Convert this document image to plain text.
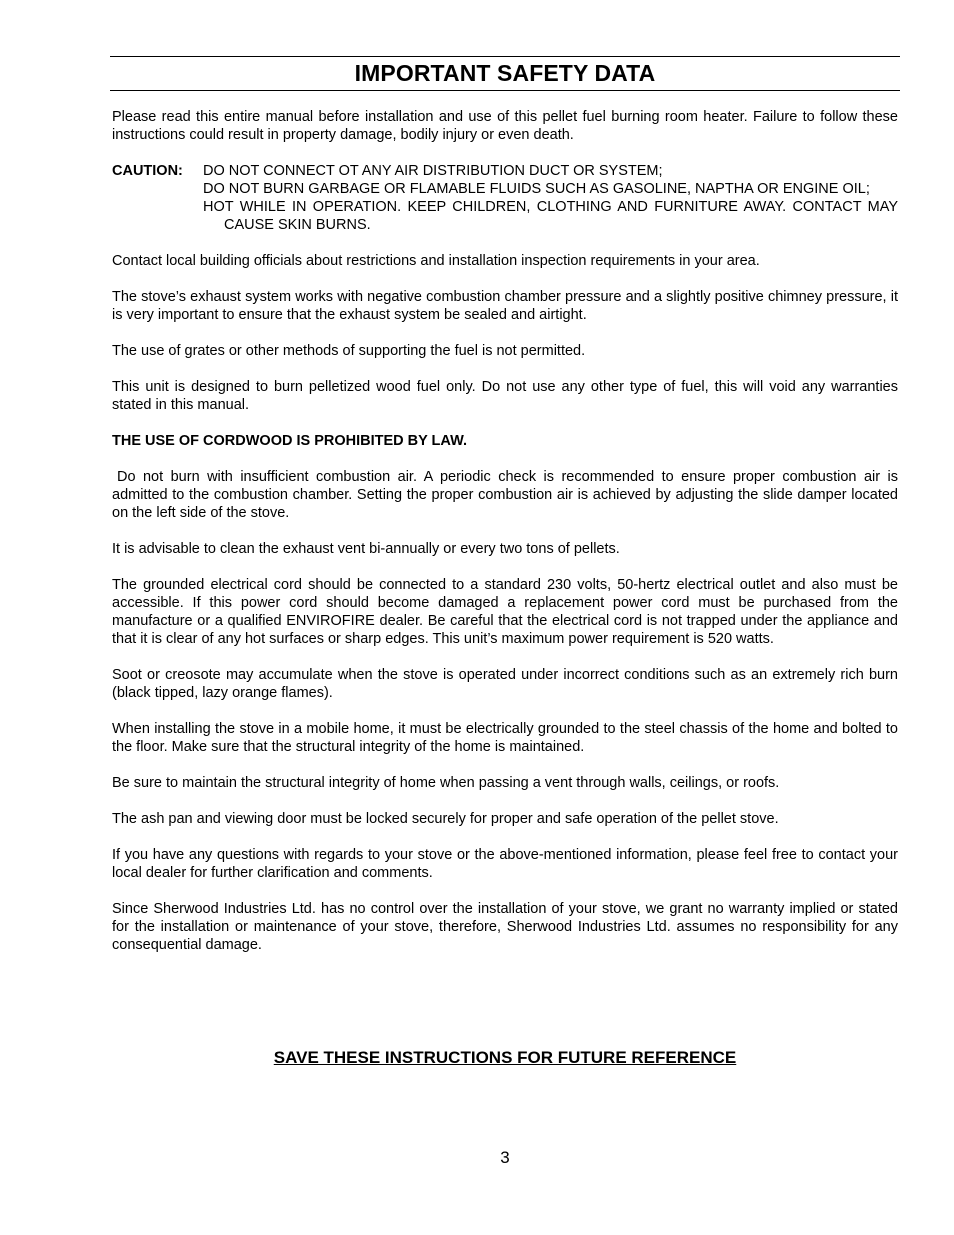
IMPORTANT SAFETY DATA

Please read this entire manual before installation and use of this pellet fuel burning room heater. Failure to follow these instructions could result in property damage, bodily injury or even death.

CAUTION:	DO NOT CONNECT OT ANY AIR DISTRIBUTION DUCT OR SYSTEM;
DO NOT BURN GARBAGE OR FLAMABLE FLUIDS SUCH AS GASOLINE, NAPTHA OR ENGINE OIL;
HOT WHILE IN OPERATION. KEEP CHILDREN, CLOTHING AND FURNITURE AWAY. CONTACT MAY CAUSE SKIN BURNS.

Contact local building officials about restrictions and installation inspection requirements in your area.

The stove’s exhaust system works with negative combustion chamber pressure and a slightly positive chimney pressure, it is very important to ensure that the exhaust system be sealed and airtight.

The use of grates or other methods of supporting the fuel is not permitted.

This unit is designed to burn pelletized wood fuel only. Do not use any other type of fuel, this will void any warranties stated in this manual.

THE USE OF CORDWOOD IS PROHIBITED BY LAW.

Do not burn with insufficient combustion air. A periodic check is recommended to ensure proper combustion air is admitted to the combustion chamber. Setting the proper combustion air is achieved by adjusting the slide damper located on the left side of the stove.

It is advisable to clean the exhaust vent bi-annually or every two tons of pellets.

The grounded electrical cord should be connected to a standard 230 volts, 50-hertz electrical outlet and also must be accessible. If this power cord should become damaged a replacement power cord must be purchased from the manufacture or a qualified ENVIROFIRE dealer. Be careful that the electrical cord is not trapped under the appliance and that it is clear of any hot surfaces or sharp edges. This unit’s maximum power requirement is 520 watts.

Soot or creosote may accumulate when the stove is operated under incorrect conditions such as an extremely rich burn (black tipped, lazy orange flames).

When installing the stove in a mobile home, it must be electrically grounded to the steel chassis of the home and bolted to the floor. Make sure that the structural integrity of the home is maintained.

Be sure to maintain the structural integrity of home when passing a vent through walls, ceilings, or roofs.

The ash pan and viewing door must be locked securely for proper and safe operation of the pellet stove.

If you have any questions with regards to your stove or the above-mentioned information, please feel free to contact your local dealer for further clarification and comments.

Since Sherwood Industries Ltd. has no control over the installation of your stove, we grant no warranty implied or stated for the installation or maintenance of your stove, therefore, Sherwood Industries Ltd. assumes no responsibility for any consequential damage.

SAVE THESE INSTRUCTIONS FOR FUTURE REFERENCE
3
